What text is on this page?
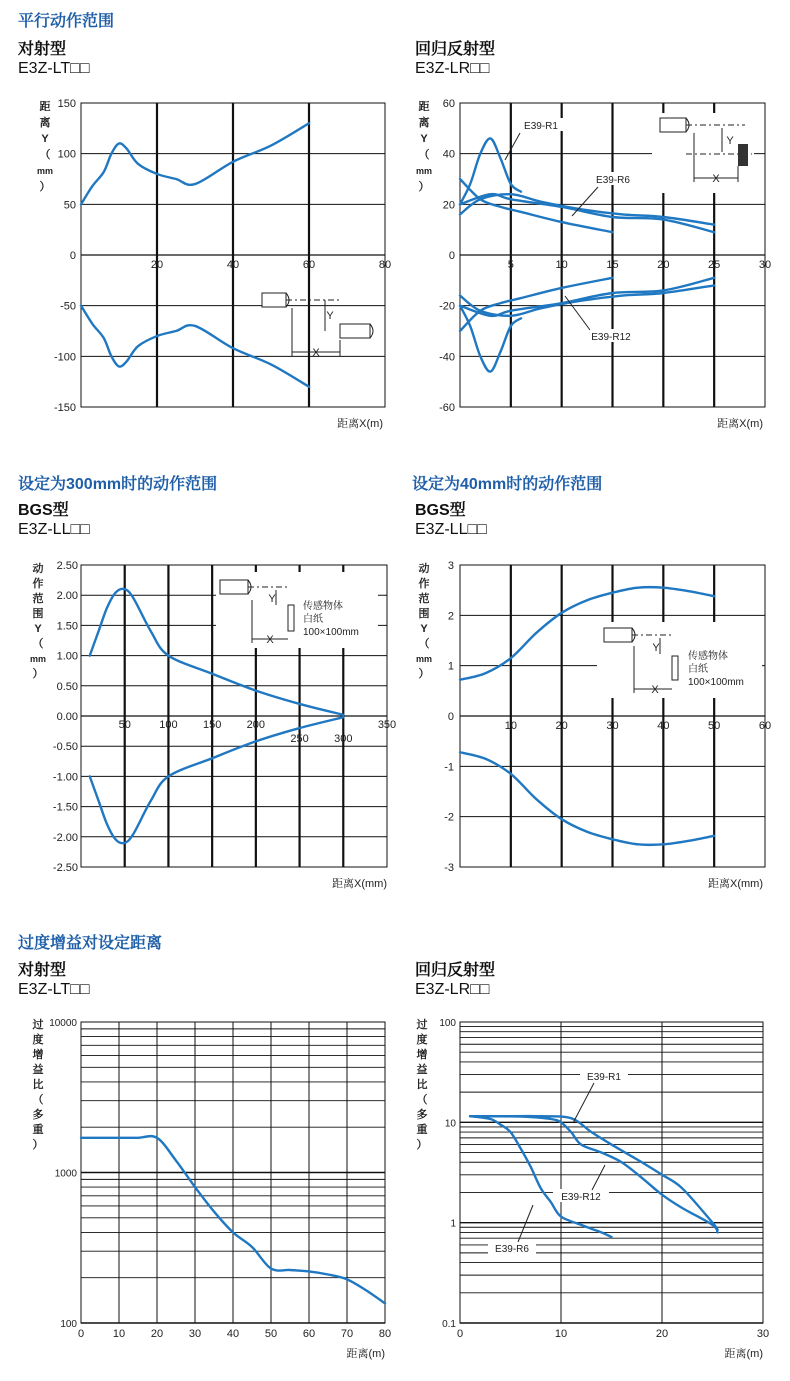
平行动作范围
设定为300mm时的动作范围	设定为40mm时的动作范围
过度增益对设定距离
对射型
E3Z-LT□□
回归反射型
E3Z-LR□□
BGS型
E3Z-LL□□
BGS型
E3Z-LL□□
对射型
E3Z-LT□□
回归反射型
E3Z-LR□□
150
100
50
0
-50
-100
-150
20	40	60	80
距
离
Y
（
mm
）
距离X(m)
X
Y
60
40
20
0
-20
-40
-60
5	10	15	20	25	30
距
离
Y
（
mm
）
距离X(m)
E39-R1
E39-R6
E39-R12
X
Y
2.50
2.00
1.50
1.00
0.50
0.00
-0.50
-1.00
-1.50
-2.00
-2.50
50	100 150 200	350
250 300
动
作
范
围
Y
（
mm
）
距离X(mm)
X
Y
传感物体
白纸
100×100mm
3
2
1
0
-1
-2
-3
10	20	30	40	50	60
动
作
范
围
Y
（
mm
）
距离X(mm)
X
Y
传感物体
白纸
100×100mm
0	10 20 30 40 50 60 70 80
10000
1000
100
过
度
增
益
比
（
多
重
）
距离(m)
0	10	20	30
100
10
1
0.1
过
度
增
益
比
（
多
重
）
距离(m)
E39-R1
E39-R12
E39-R6
